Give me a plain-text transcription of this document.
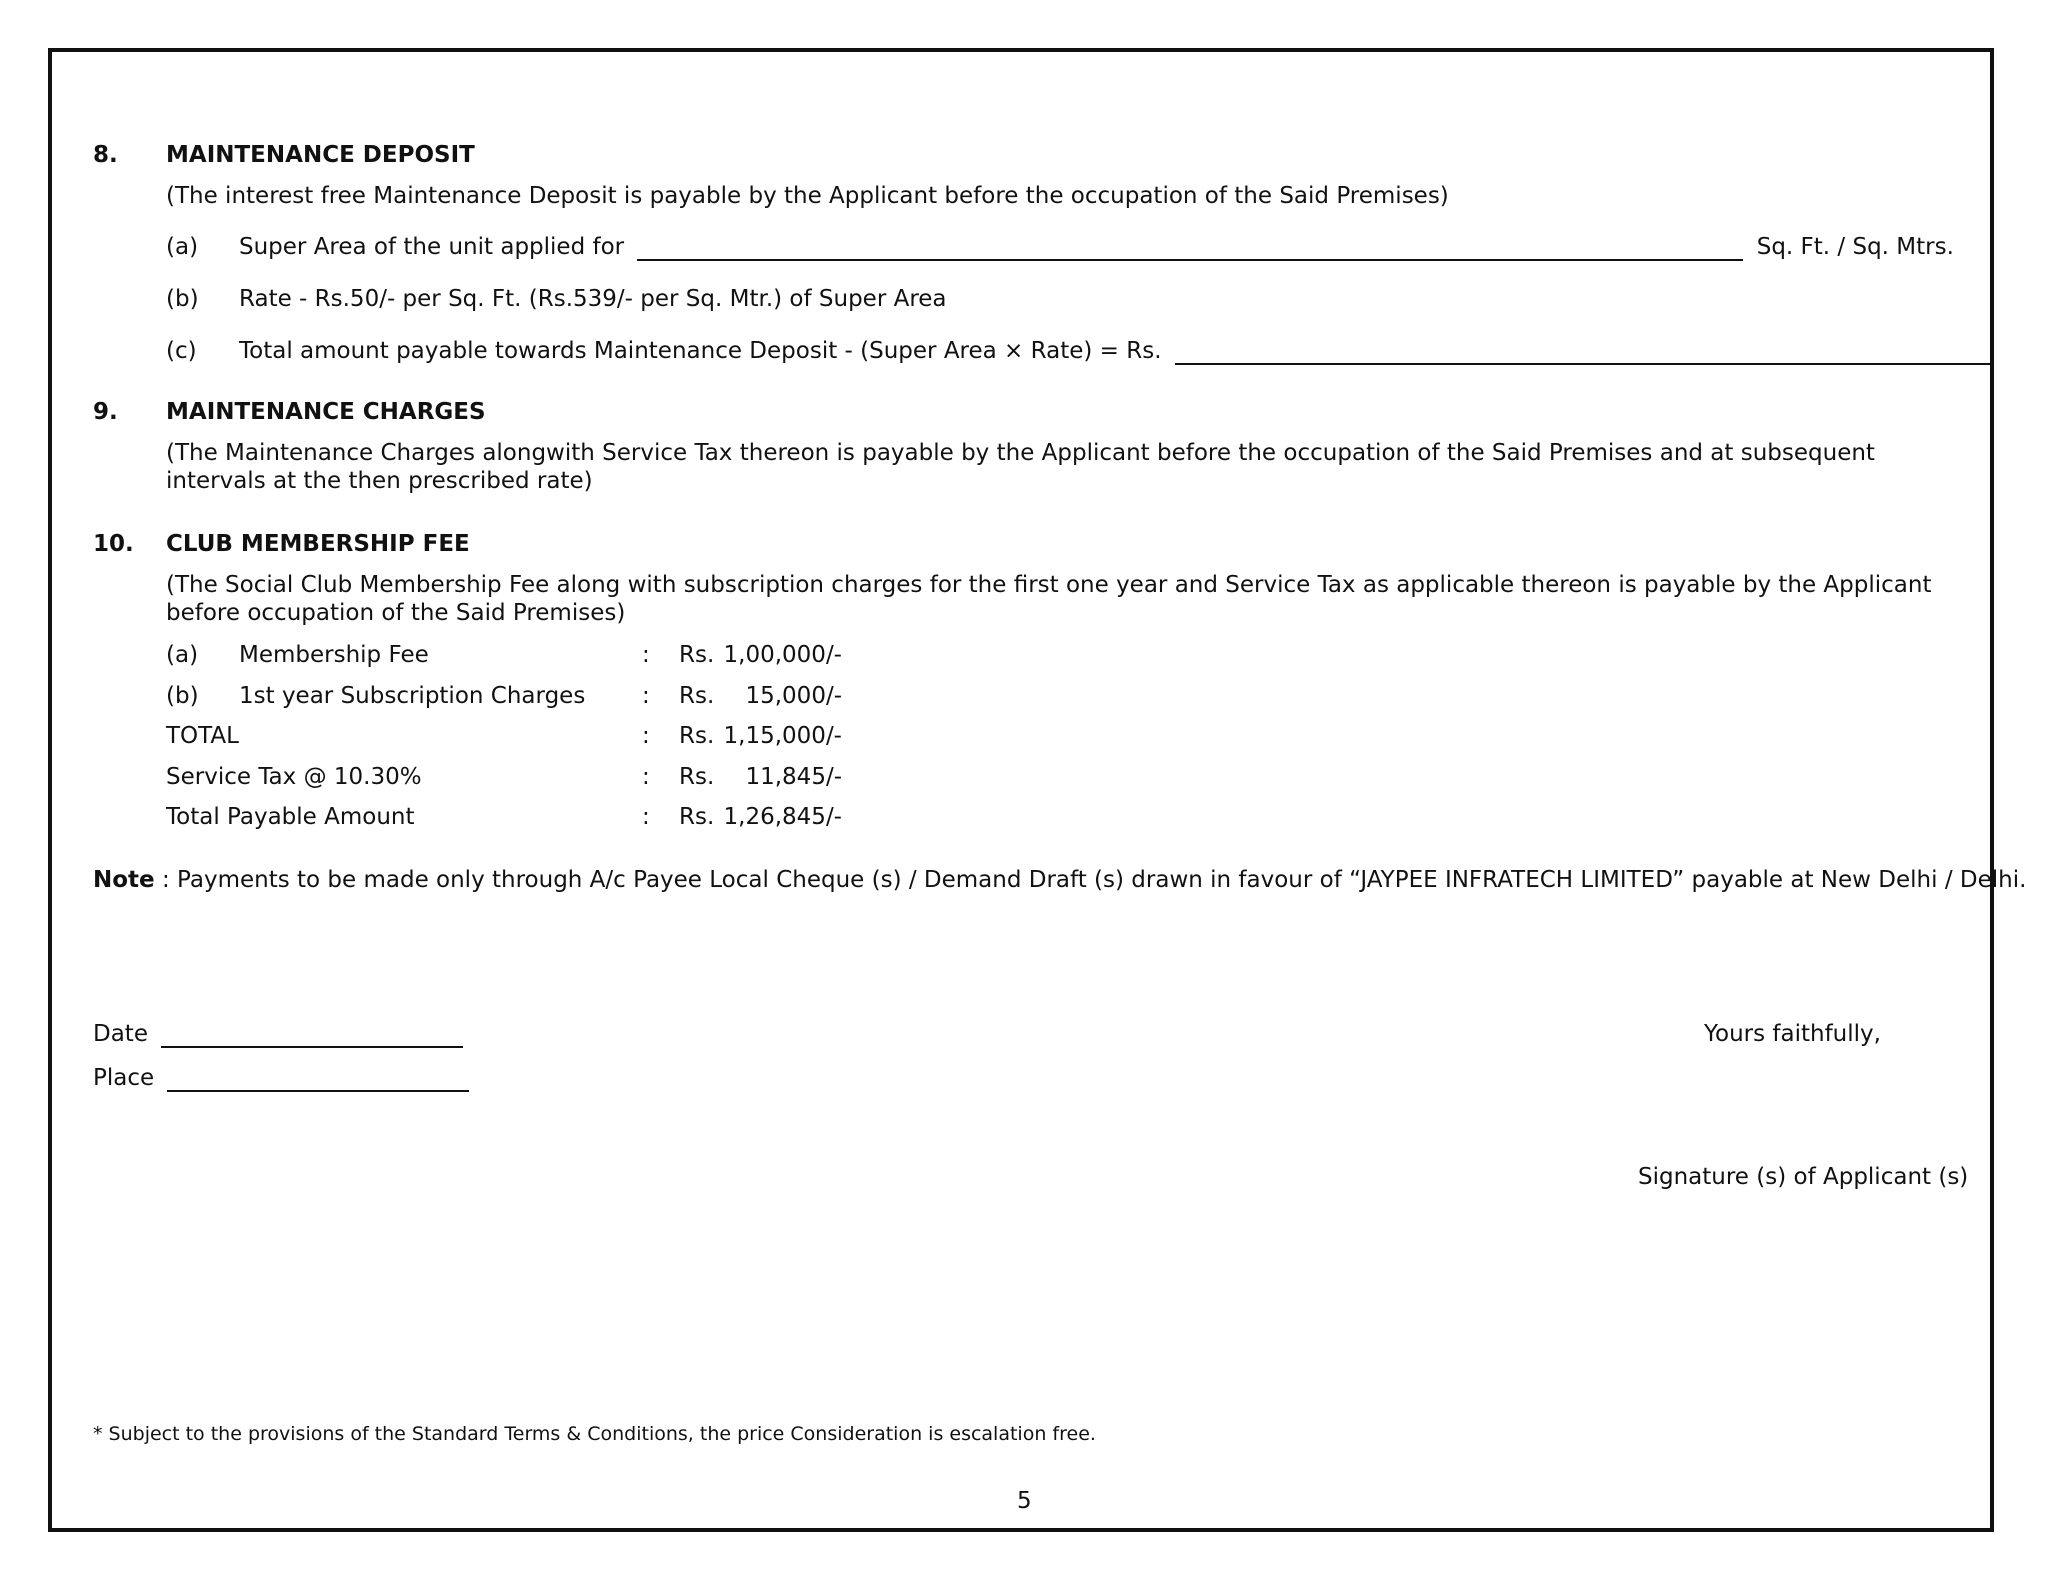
8. MAINTENANCE DEPOSIT
(The interest free Maintenance Deposit is payable by the Applicant before the occupation of the Said Premises)
(a) Super Area of the unit applied for	Sq. Ft. / Sq. Mtrs.
(b) Rate - Rs.50/- per Sq. Ft. (Rs.539/- per Sq. Mtr.) of Super Area
(c) Total amount payable towards Maintenance Deposit - (Super Area × Rate) = Rs.
9. MAINTENANCE CHARGES
(The Maintenance Charges alongwith Service Tax thereon is payable by the Applicant before the occupation of the Said Premises and at subsequent intervals at the then prescribed rate)
10. CLUB MEMBERSHIP FEE
(The Social Club Membership Fee along with subscription charges for the first one year and Service Tax as applicable thereon is payable by the Applicant before occupation of the Said Premises)
(a) Membership Fee	: Rs. 1,00,000/-
(b) 1st year Subscription Charges : Rs. 15,000/-
TOTAL	: Rs. 1,15,000/-
Service Tax @ 10.30%	: Rs. 11,845/-
Total Payable Amount	: Rs. 1,26,845/-
Note : Payments to be made only through A/c Payee Local Cheque (s) / Demand Draft (s) drawn in favour of “JAYPEE INFRATECH LIMITED” payable at New Delhi / Delhi.
Date
Place
Yours faithfully,
Signature (s) of Applicant (s)
* Subject to the provisions of the Standard Terms & Conditions, the price Consideration is escalation free.
5
